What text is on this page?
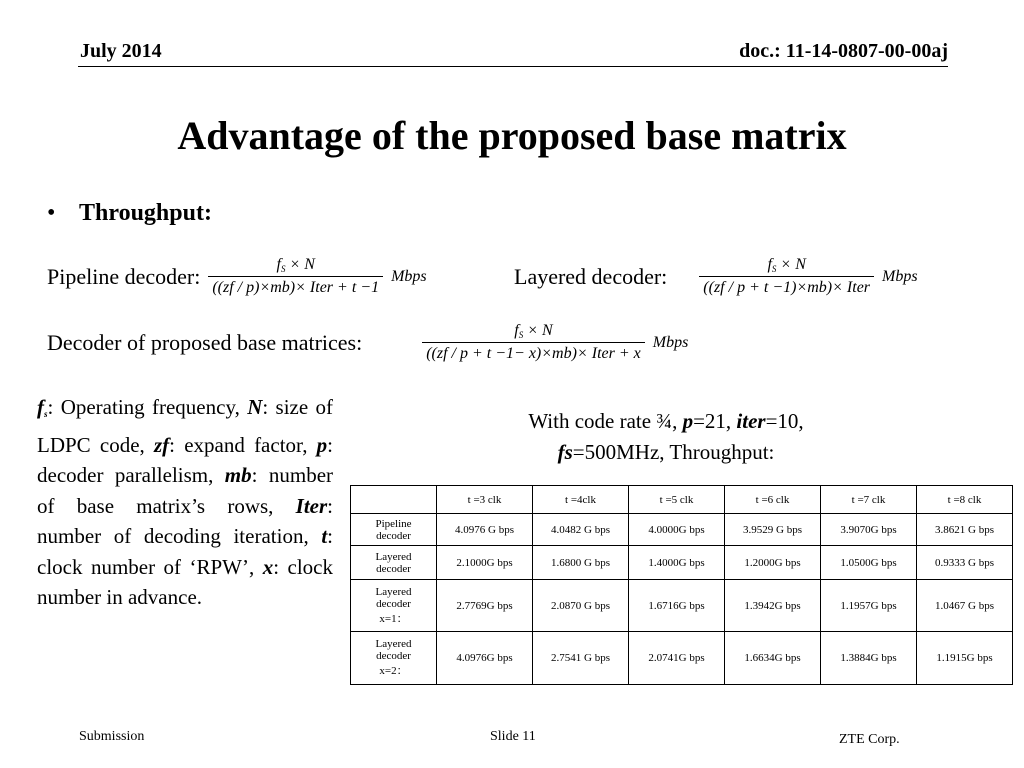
July 2014	doc.: 11-14-0807-00-00aj
Advantage of the proposed base matrix
• Throughput:
Pipeline decoder: $\frac{f_S \times N}{\text{((zf / p)×mb)× Iter + t −1}}$ Mbps	Layered decoder: $\frac{f_S \times N}{\text{((zf / p + t −1)×mb)× Iter}}$ Mbps
Decoder of proposed base matrices:	$\frac{f_S \times N}{\text{((zf / p + t −1− x)×mb)× Iter + x}}$ Mbps
$f_s$: Operating frequency, N: size of LDPC code, zf: expand factor, p: decoder parallelism, mb: number of base matrix’s rows, Iter: number of decoding iteration, t: clock number of ‘RPW’, x: clock number in advance.
With code rate ¾, p=21, iter=10,
fs=500MHz, Throughput:
	t =3 clk	t =4clk	t =5 clk	t =6 clk	t =7 clk	t =8 clk
Pipeline
decoder	4.0976 G bps	4.0482 G bps	4.0000G bps	3.9529 G bps	3.9070G bps	3.8621 G bps
Layered
decoder	2.1000G bps	1.6800 G bps	1.4000G bps	1.2000G bps	1.0500G bps	0.9333 G bps
Layered
decoder
x=1：	2.7769G bps	2.0870 G bps	1.6716G bps	1.3942G bps	1.1957G bps	1.0467 G bps
Layered
decoder
x=2：	4.0976G bps	2.7541 G bps	2.0741G bps	1.6634G bps	1.3884G bps	1.1915G bps
Submission	Slide 11	ZTE Corp.
